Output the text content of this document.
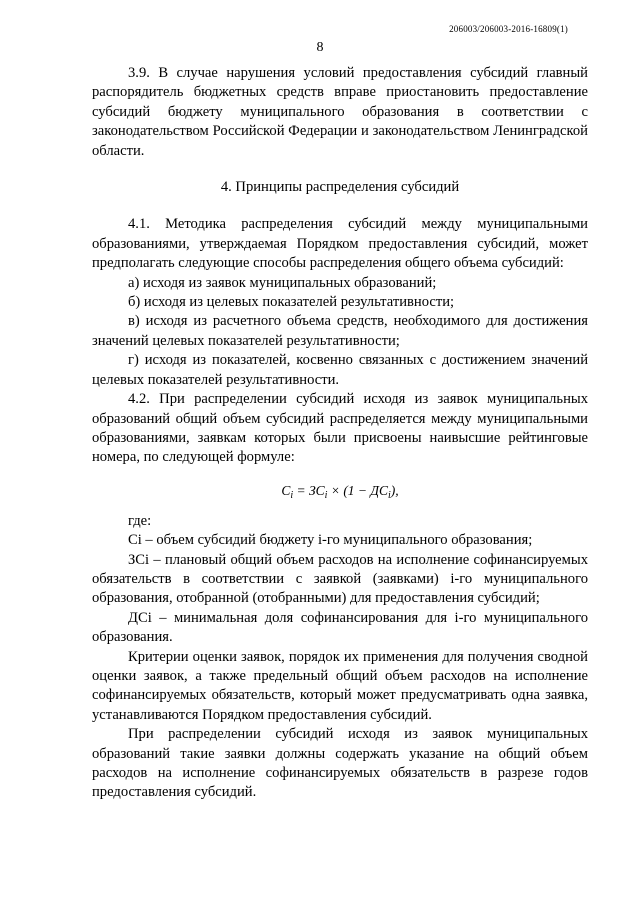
206003/206003-2016-16809(1)
8

3.9. В случае нарушения условий предоставления субсидий главный распорядитель бюджетных средств вправе приостановить предоставление субсидий бюджету муниципального образования в соответствии с законодательством Российской Федерации и законодательством Ленинградской области.

4. Принципы распределения субсидий

4.1. Методика распределения субсидий между муниципальными образованиями, утверждаемая Порядком предоставления субсидий, может предполагать следующие способы распределения общего объема субсидий:

а) исходя из заявок муниципальных образований;

б) исходя из целевых показателей результативности;

в) исходя из расчетного объема средств, необходимого для достижения значений целевых показателей результативности;

г) исходя из показателей, косвенно связанных с достижением значений целевых показателей результативности.

4.2. При распределении субсидий исходя из заявок муниципальных образований общий объем субсидий распределяется между муниципальными образованиями, заявкам которых были присвоены наивысшие рейтинговые номера, по следующей формуле:

$C_i = ЗC_i \times (1 - ДC_i)$,

где:

Ci – объем субсидий бюджету i-го муниципального образования;

ЗCi – плановый общий объем расходов на исполнение софинансируемых обязательств в соответствии с заявкой (заявками) i-го муниципального образования, отобранной (отобранными) для предоставления субсидий;

ДCi – минимальная доля софинансирования для i-го муниципального образования.

Критерии оценки заявок, порядок их применения для получения сводной оценки заявок, а также предельный общий объем расходов на исполнение софинансируемых обязательств, который может предусматривать одна заявка, устанавливаются Порядком предоставления субсидий.

При распределении субсидий исходя из заявок муниципальных образований такие заявки должны содержать указание на общий объем расходов на исполнение софинансируемых обязательств в разрезе годов предоставления субсидий.
